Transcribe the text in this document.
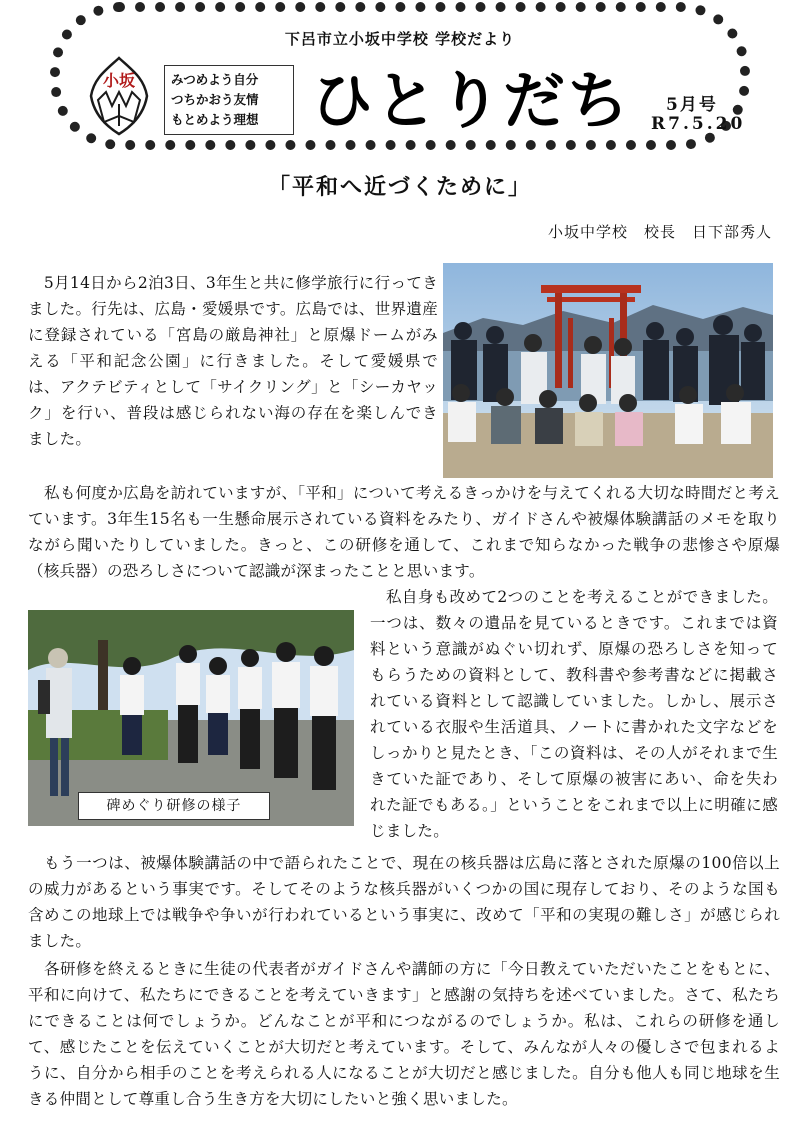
下呂市立小坂中学校 学校だより
小坂	みつめよう自分
つちかおう友情
もとめよう理想 ひとりだち	5月号
R7.5.20
「平和へ近づくために」
小坂中学校　校長　日下部秀人

　5月14日から2泊3日、3年生と共に修学旅行に行ってきました。行先は、広島・愛媛県です。広島では、世界遺産に登録されている「宮島の厳島神社」と原爆ドームがみえる「平和記念公園」に行きました。そして愛媛県では、アクテビティとして「サイクリング」と「シーカヤック」を行い、普段は感じられない海の存在を楽しんできました。

私も何度か広島を訪れていますが、「平和」について考えるきっかけを与えてくれる大切な時間だと考えています。3年生15名も一生懸命展示されている資料をみたり、ガイドさんや被爆体験講話のメモを取りながら聞いたりしていました。きっと、この研修を通して、これまで知らなかった戦争の悲惨さや原爆（核兵器）の恐ろしさについて認識が深まったことと思います。

碑めぐり研修の様子

私自身も改めて2つのことを考えることができました。一つは、数々の遺品を見ているときです。これまでは資料という意識がぬぐい切れず、原爆の恐ろしさを知ってもらうための資料として、教科書や参考書などに掲載されている資料として認識していました。しかし、展示されている衣服や生活道具、ノートに書かれた文字などをしっかりと見たとき、「この資料は、その人がそれまで生きていた証であり、そして原爆の被害にあい、命を失われた証でもある。」ということをこれまで以上に明確に感じました。

もう一つは、被爆体験講話の中で語られたことで、現在の核兵器は広島に落とされた原爆の100倍以上の威力があるという事実です。そしてそのような核兵器がいくつかの国に現存しており、そのような国も含めこの地球上では戦争や争いが行われているという事実に、改めて「平和の実現の難しさ」が感じられました。

各研修を終えるときに生徒の代表者がガイドさんや講師の方に「今日教えていただいたことをもとに、平和に向けて、私たちにできることを考えていきます」と感謝の気持ちを述べていました。さて、私たちにできることは何でしょうか。どんなことが平和につながるのでしょうか。私は、これらの研修を通して、感じたことを伝えていくことが大切だと考えています。そして、みんなが人々の優しさで包まれるように、自分から相手のことを考えられる人になることが大切だと感じました。自分も他人も同じ地球を生きる仲間として尊重し合う生き方を大切にしたいと強く思いました。
